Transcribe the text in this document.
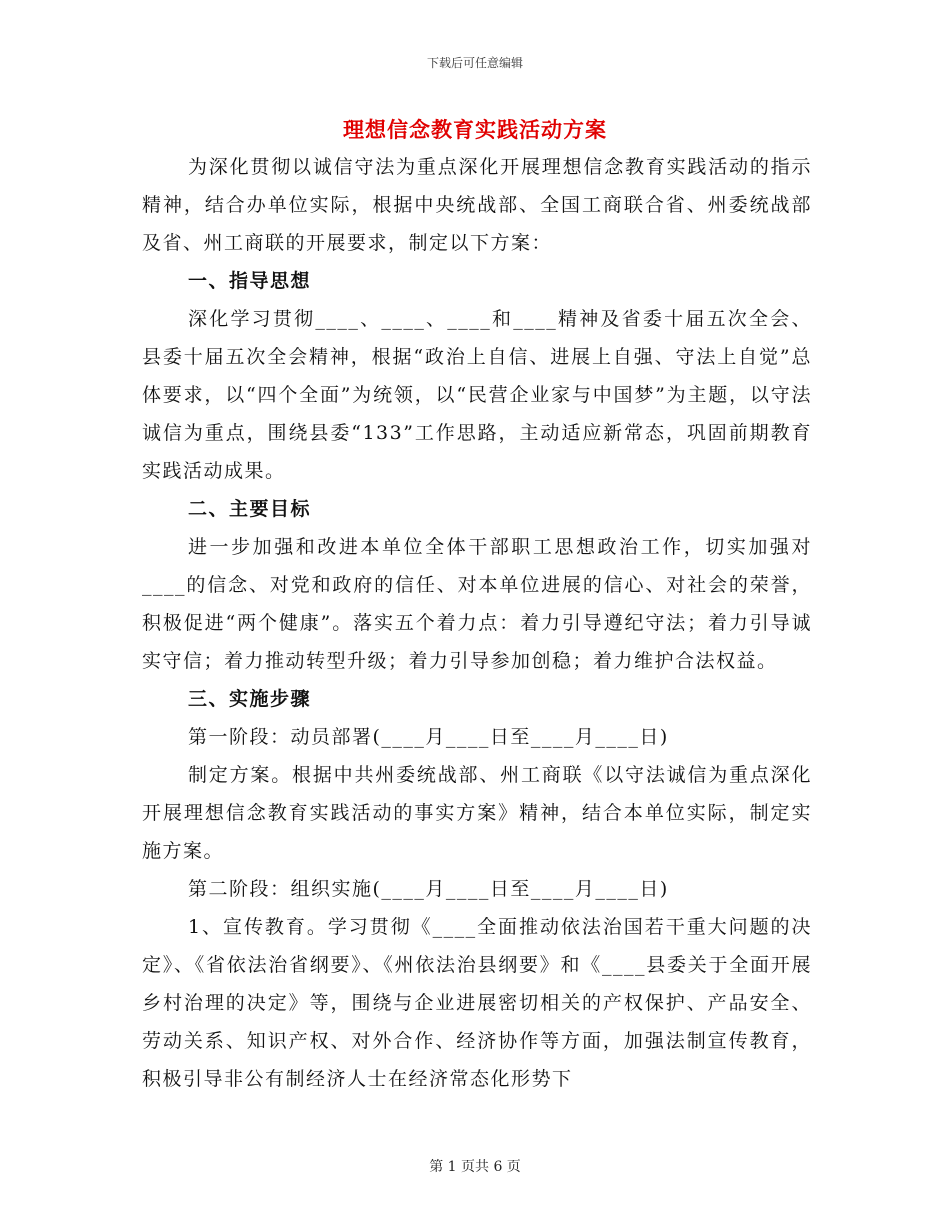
下载后可任意编辑
理想信念教育实践活动方案

为深化贯彻以诚信守法为重点深化开展理想信念教育实践活动的指示精神，结合办单位实际，根据中央统战部、全国工商联合省、州委统战部及省、州工商联的开展要求，制定以下方案：

一、指导思想

深化学习贯彻____、____、____和____精神及省委十届五次全会、县委十届五次全会精神，根据“政治上自信、进展上自强、守法上自觉”总体要求，以“四个全面”为统领，以“民营企业家与中国梦”为主题，以守法诚信为重点，围绕县委“133”工作思路，主动适应新常态，巩固前期教育实践活动成果。

二、主要目标

进一步加强和改进本单位全体干部职工思想政治工作，切实加强对____的信念、对党和政府的信任、对本单位进展的信心、对社会的荣誉，积极促进“两个健康”。落实五个着力点：着力引导遵纪守法；着力引导诚实守信；着力推动转型升级；着力引导参加创稳；着力维护合法权益。

三、实施步骤

第一阶段：动员部署(____月____日至____月____日)

制定方案。根据中共州委统战部、州工商联《以守法诚信为重点深化开展理想信念教育实践活动的事实方案》精神，结合本单位实际，制定实施方案。

第二阶段：组织实施(____月____日至____月____日)

1、宣传教育。学习贯彻《____全面推动依法治国若干重大问题的决定》、《省依法治省纲要》、《州依法治县纲要》和《____县委关于全面开展乡村治理的决定》等，围绕与企业进展密切相关的产权保护、产品安全、劳动关系、知识产权、对外合作、经济协作等方面，加强法制宣传教育，积极引导非公有制经济人士在经济常态化形势下

第 1 页共 6 页
